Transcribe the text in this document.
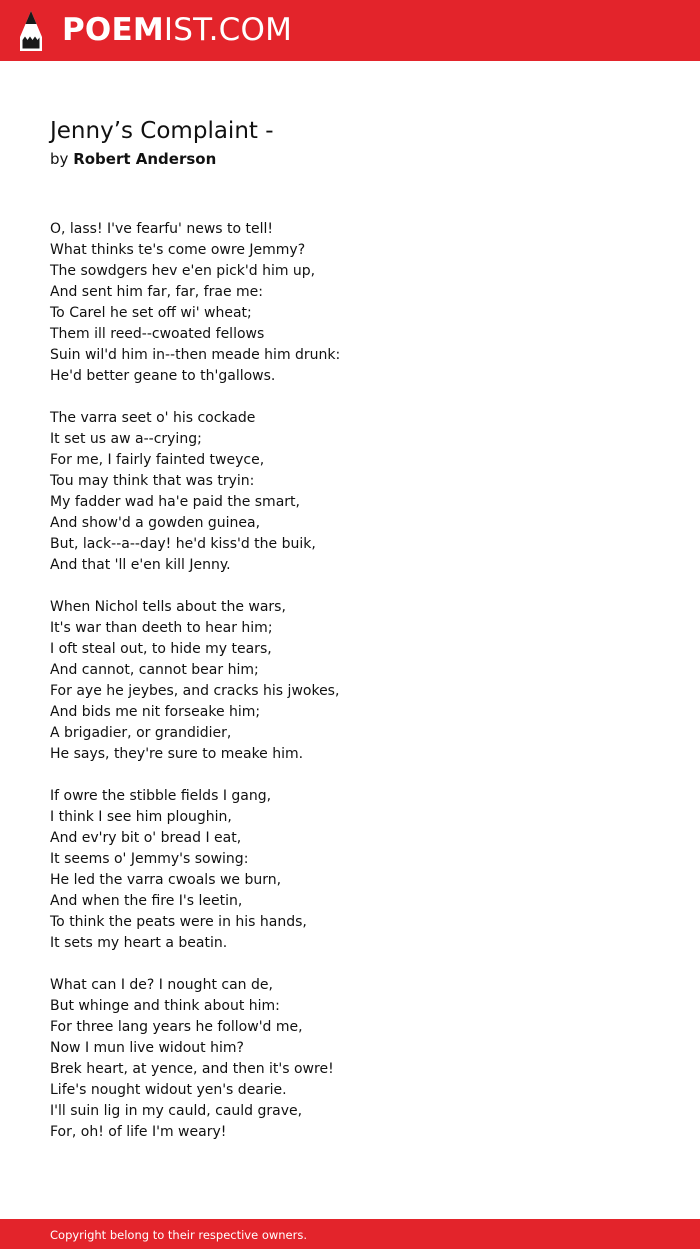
POEMIST.COM
Jenny’s Complaint -
by Robert Anderson
O, lass! I've fearfu' news to tell!
What thinks te's come owre Jemmy?
The sowdgers hev e'en pick'd him up,
And sent him far, far, frae me:
To Carel he set off wi' wheat;
Them ill reed--cwoated fellows
Suin wil'd him in--then meade him drunk:
He'd better geane to th'gallows.
The varra seet o' his cockade
It set us aw a--crying;
For me, I fairly fainted tweyce,
Tou may think that was tryin:
My fadder wad ha'e paid the smart,
And show'd a gowden guinea,
But, lack--a--day! he'd kiss'd the buik,
And that 'll e'en kill Jenny.
When Nichol tells about the wars,
It's war than deeth to hear him;
I oft steal out, to hide my tears,
And cannot, cannot bear him;
For aye he jeybes, and cracks his jwokes,
And bids me nit forseake him;
A brigadier, or grandidier,
He says, they're sure to meake him.
If owre the stibble fields I gang,
I think I see him ploughin,
And ev'ry bit o' bread I eat,
It seems o' Jemmy's sowing:
He led the varra cwoals we burn,
And when the fire I's leetin,
To think the peats were in his hands,
It sets my heart a beatin.
What can I de? I nought can de,
But whinge and think about him:
For three lang years he follow'd me,
Now I mun live widout him?
Brek heart, at yence, and then it's owre!
Life's nought widout yen's dearie.
I'll suin lig in my cauld, cauld grave,
For, oh! of life I'm weary!
Copyright belong to their respective owners.
